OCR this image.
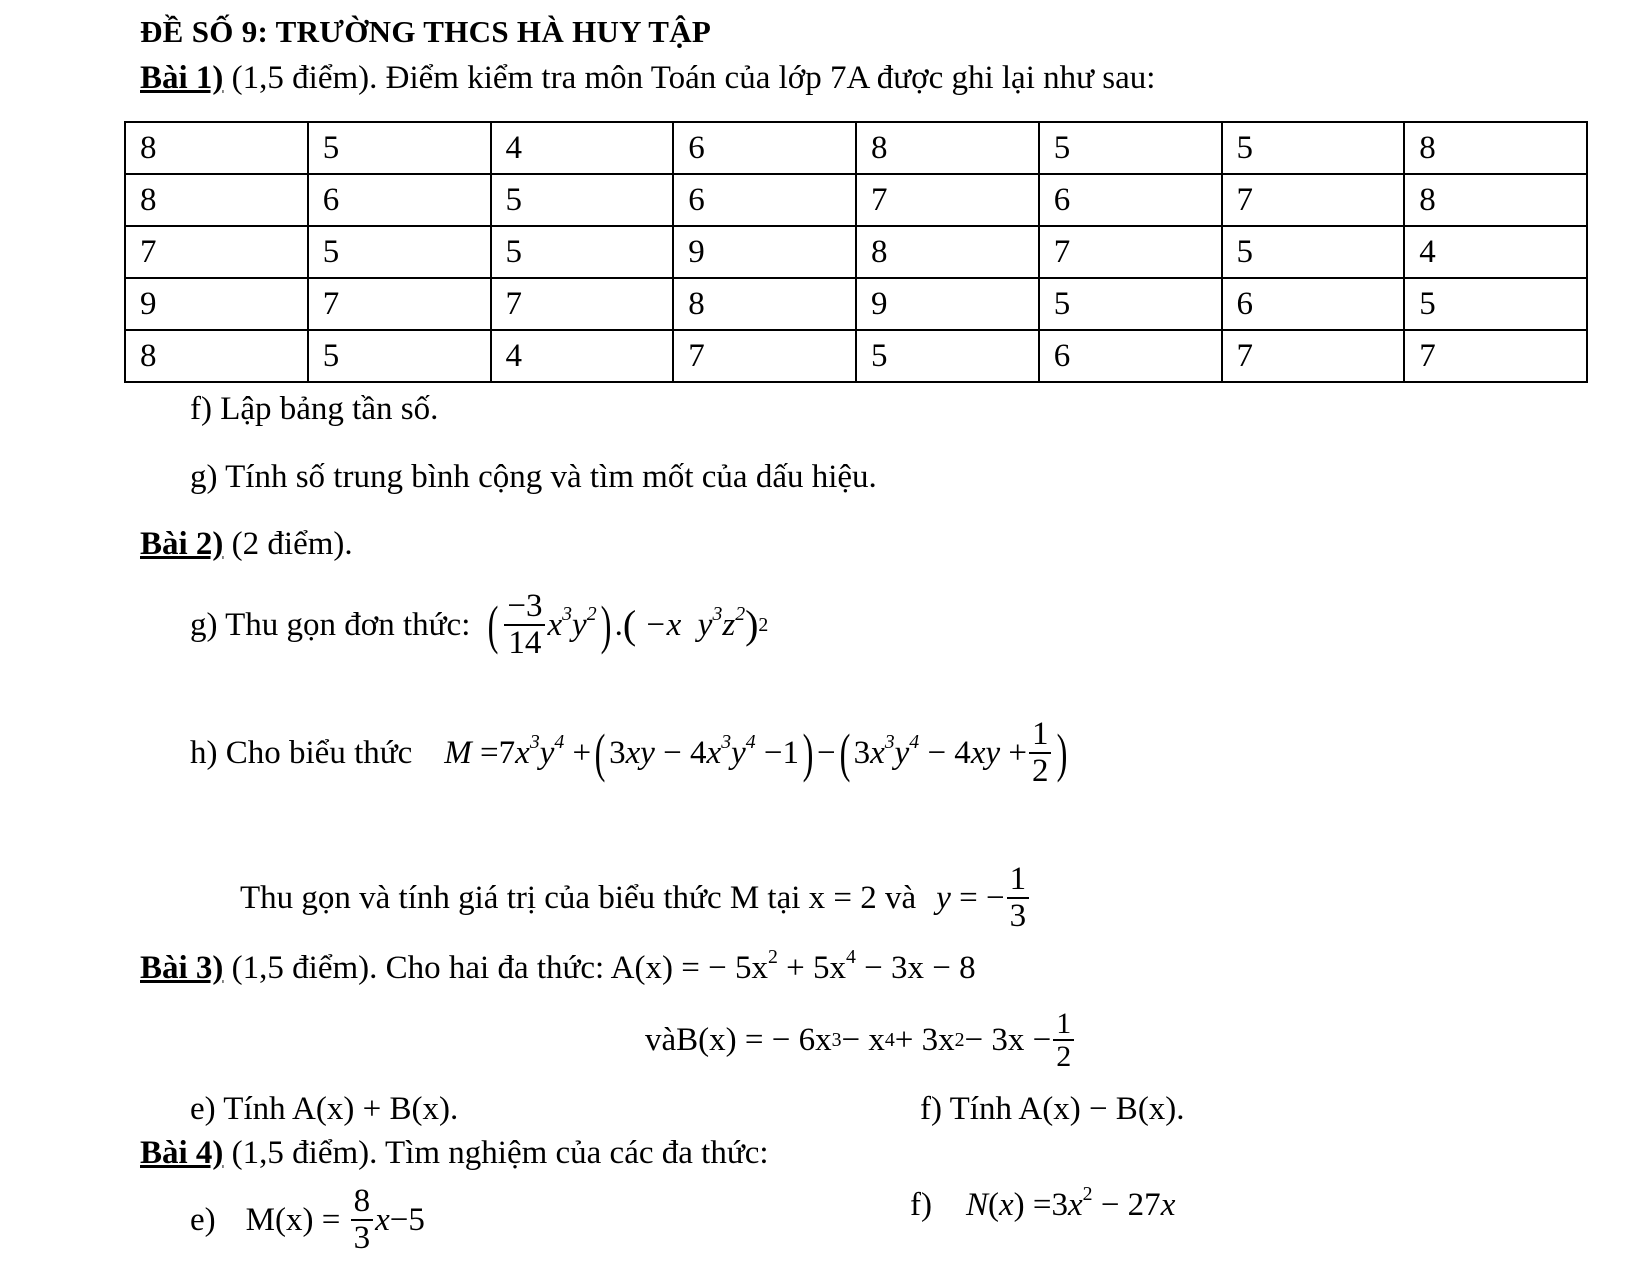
ĐỀ SỐ 9: TRƯỜNG THCS HÀ HUY TẬP
Bài 1) (1,5 điểm). Điểm kiểm tra môn Toán của lớp 7A được ghi lại như sau:
8	5	4	6	8	5	5	8
8	6	5	6	7	6	7	8
7	5	5	9	8	7	5	4
9	7	7	8	9	5	6	5
8	5	4	7	5	6	7	7
f) Lập bảng tần số.
g) Tính số trung bình cộng và tìm mốt của dấu hiệu.
Bài 2) (2 điểm).
g) Thu gọn đơn thức: ( $\frac{-3}{14} x^3y^2$ ) . (
−x  $y^3z^2$ ) 2
h) Cho biểu thức M =7 $x^3y^4$ + ( 3 xy − 4 $x^3y^4 -1$ ) − ( 3 $x^3y^4 - 4$ xy + $\frac{1}{2}$ )
Thu gọn và tính giá trị của biểu thức M tại x = 2 và y = − $\frac{1}{3}$
Bài 3) (1,5 điểm). Cho hai đa thức: A(x) = − $5x^2 + 5x^4 - 3x - 8$
và B(x) = − 6x 3 − x 4 + 3x $2 - 3x - \frac{1}{2}$
e) Tính A(x) + B(x).	f) Tính A(x) − B(x).
Bài 4) (1,5 điểm). Tìm nghiệm của các đa thức:
e) $M(x) = \frac{8}{3}$ x −5	f) $N(x) =3x^2 - 27x$
